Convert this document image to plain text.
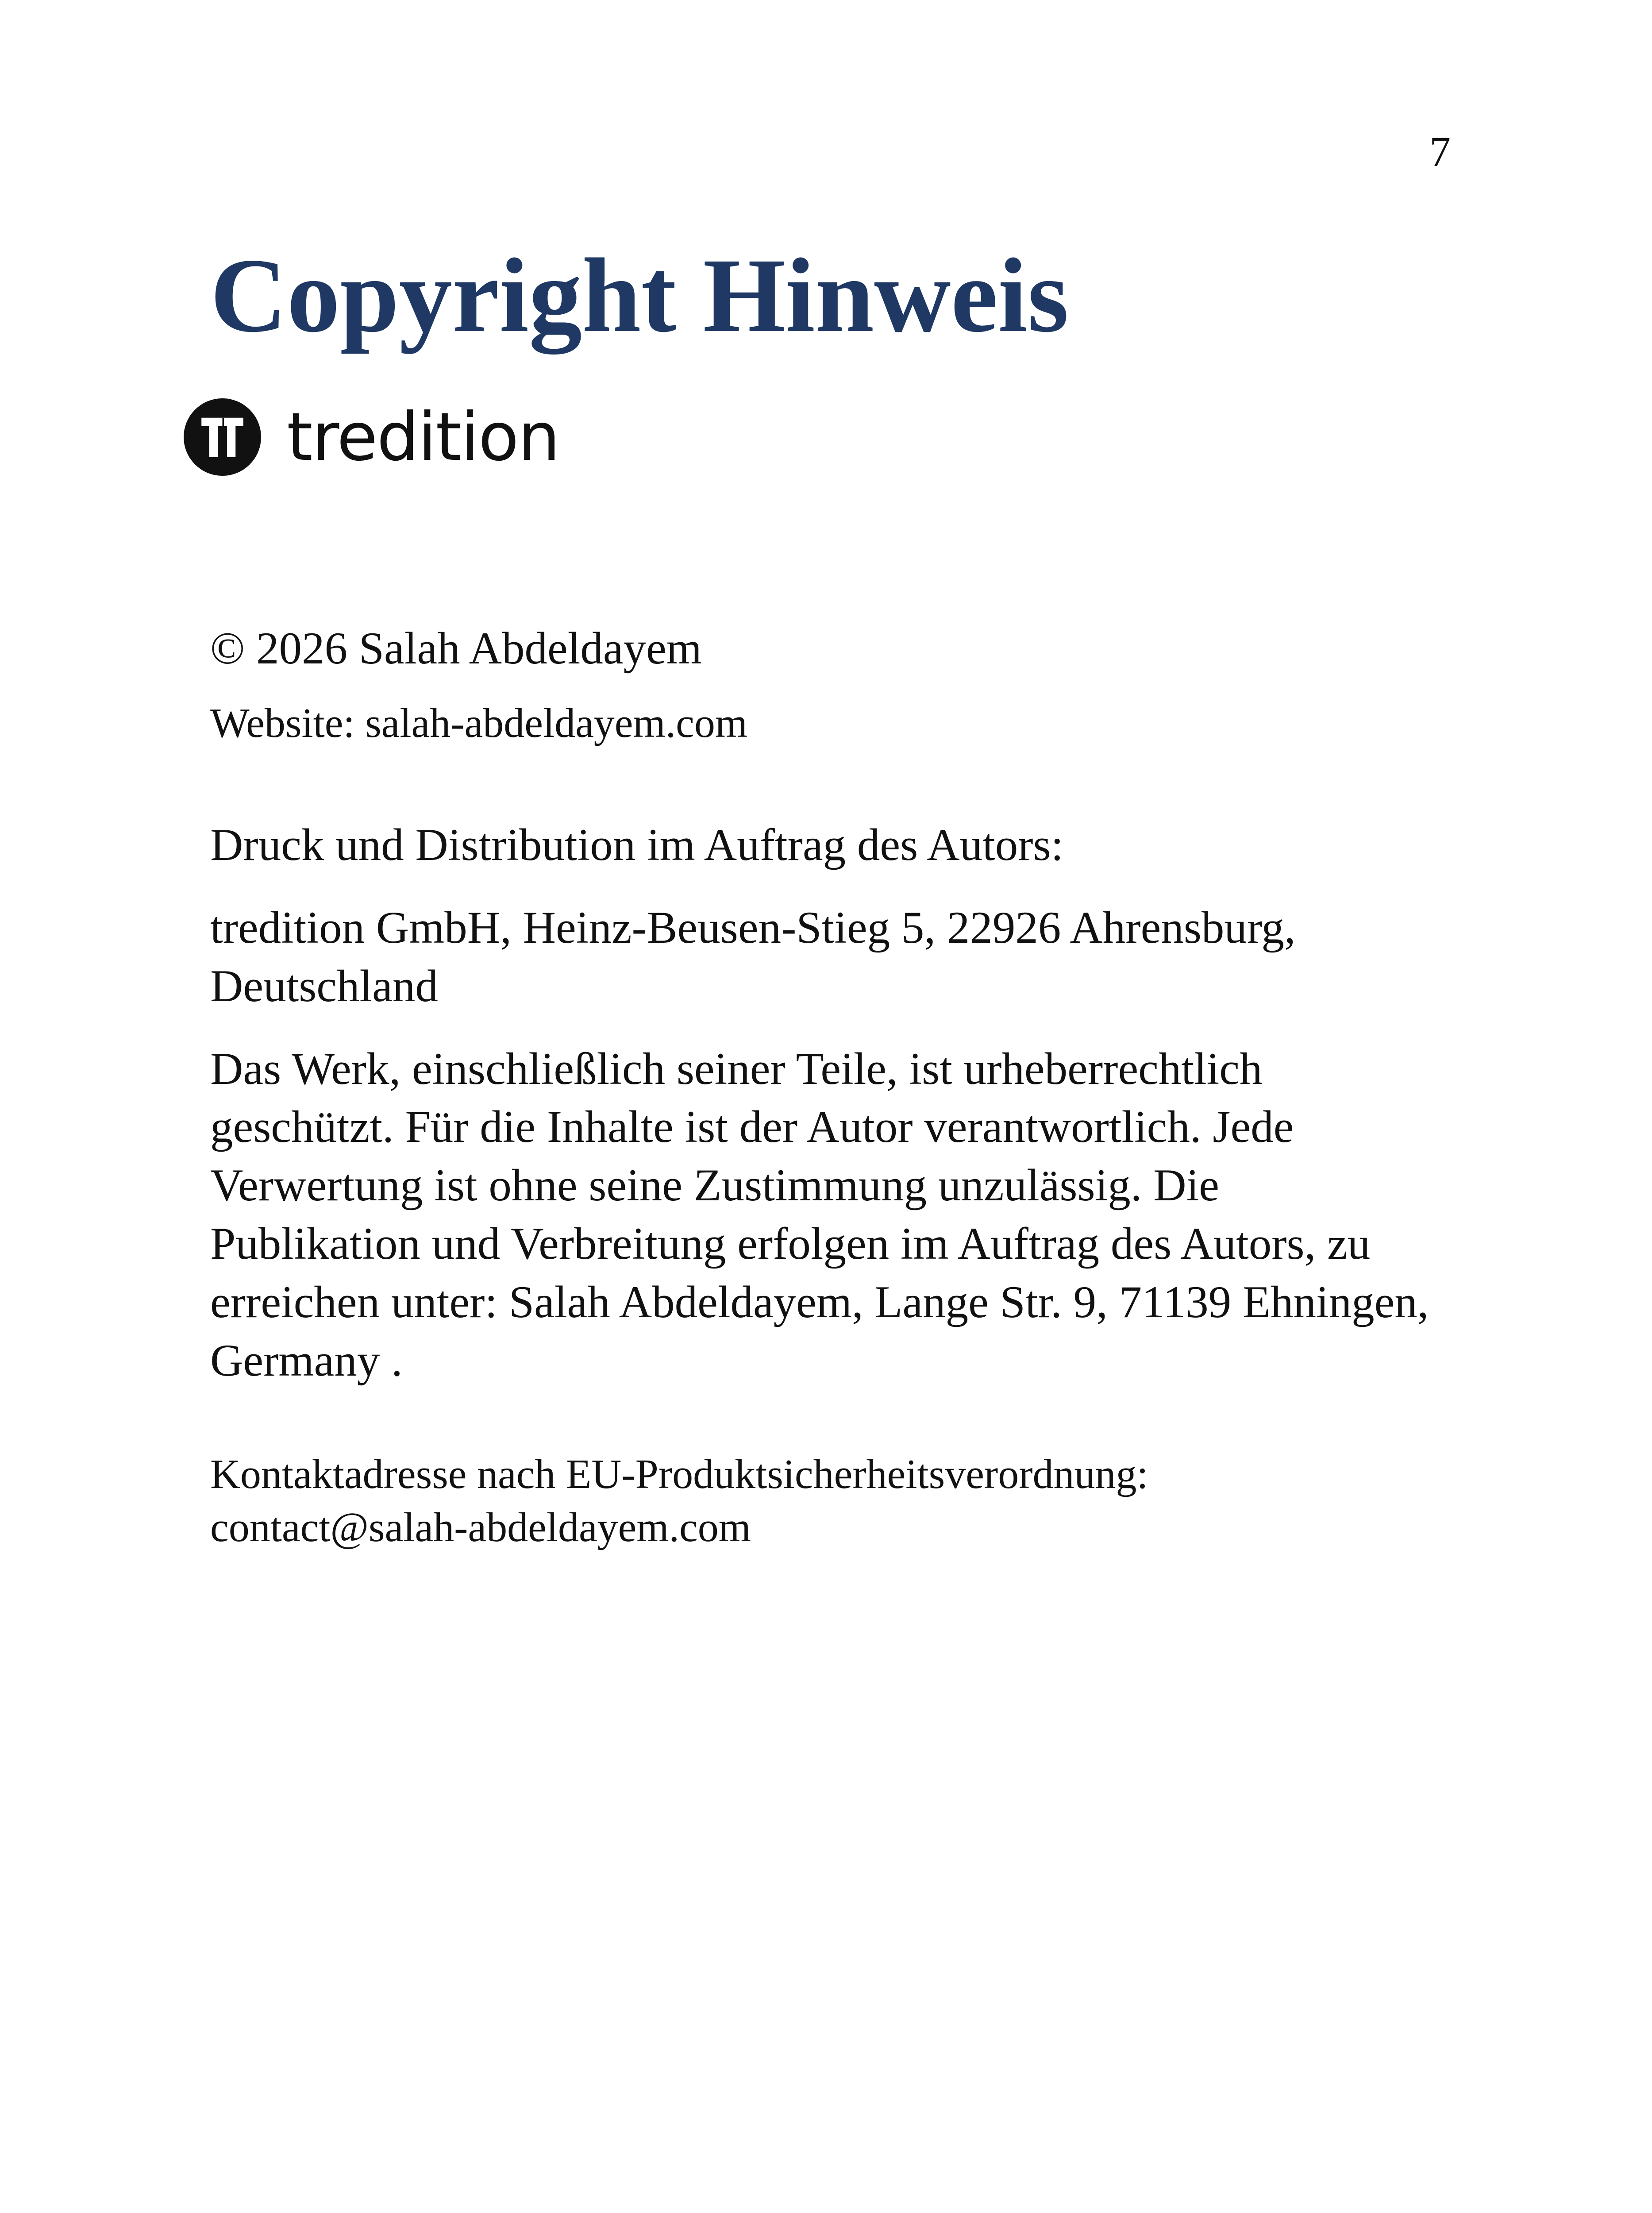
7
Copyright Hinweis
tredition

© 2026 Salah Abdeldayem

Website: salah-abdeldayem.com

Druck und Distribution im Auftrag des Autors:

tredition GmbH, Heinz-Beusen-Stieg 5, 22926 Ahrensburg,

Deutschland

Das Werk, einschließlich seiner Teile, ist urheberrechtlich

geschützt. Für die Inhalte ist der Autor verantwortlich. Jede

Verwertung ist ohne seine Zustimmung unzulässig. Die

Publikation und Verbreitung erfolgen im Auftrag des Autors, zu

erreichen unter: Salah Abdeldayem, Lange Str. 9, 71139 Ehningen,

Germany .

Kontaktadresse nach EU-Produktsicherheitsverordnung:

contact@salah-abdeldayem.com
